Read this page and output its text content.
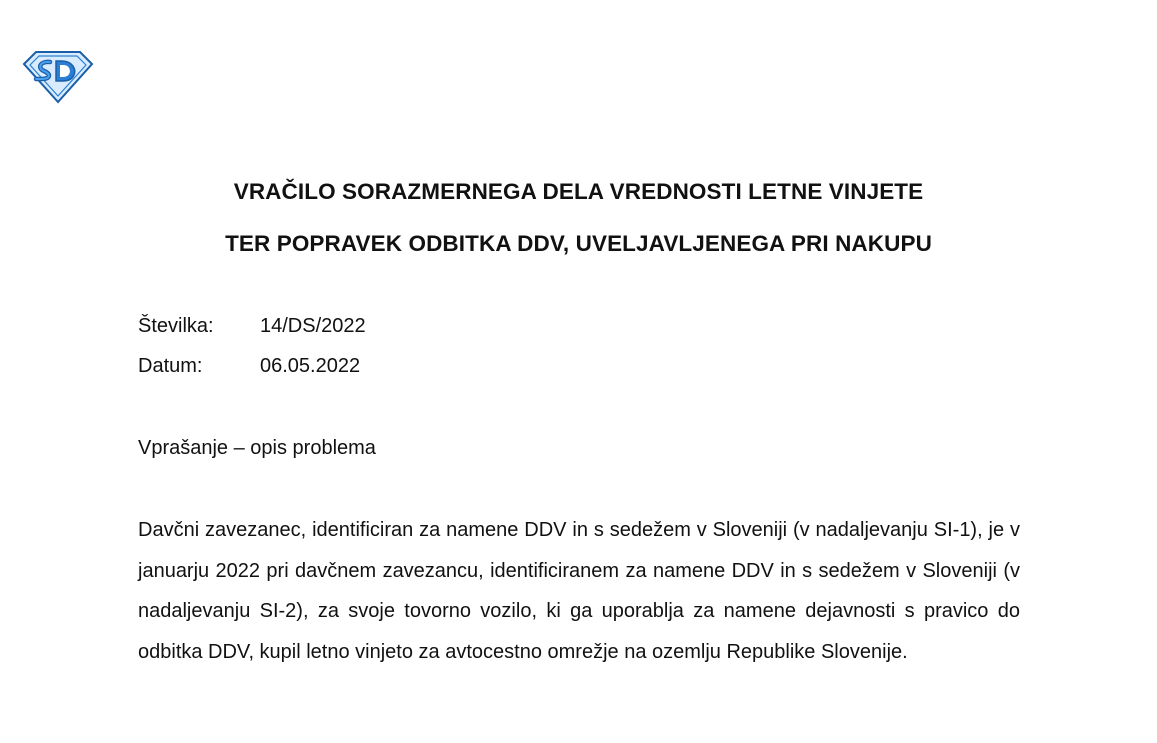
VRAČILO SORAZMERNEGA DELA VREDNOSTI LETNE VINJETE
TER POPRAVEK ODBITKA DDV, UVELJAVLJENEGA PRI NAKUPU
Številka:	14/DS/2022
Datum:	06.05.2022
Vprašanje – opis problema
Davčni zavezanec, identificiran za namene DDV in s sedežem v Sloveniji (v nadaljevanju SI-1), je v januarju 2022 pri davčnem zavezancu, identificiranem za namene DDV in s sedežem v Sloveniji (v nadaljevanju SI-2), za svoje tovorno vozilo, ki ga uporablja za namene dejavnosti s pravico do odbitka DDV, kupil letno vinjeto za avtocestno omrežje na ozemlju Republike Slovenije.
